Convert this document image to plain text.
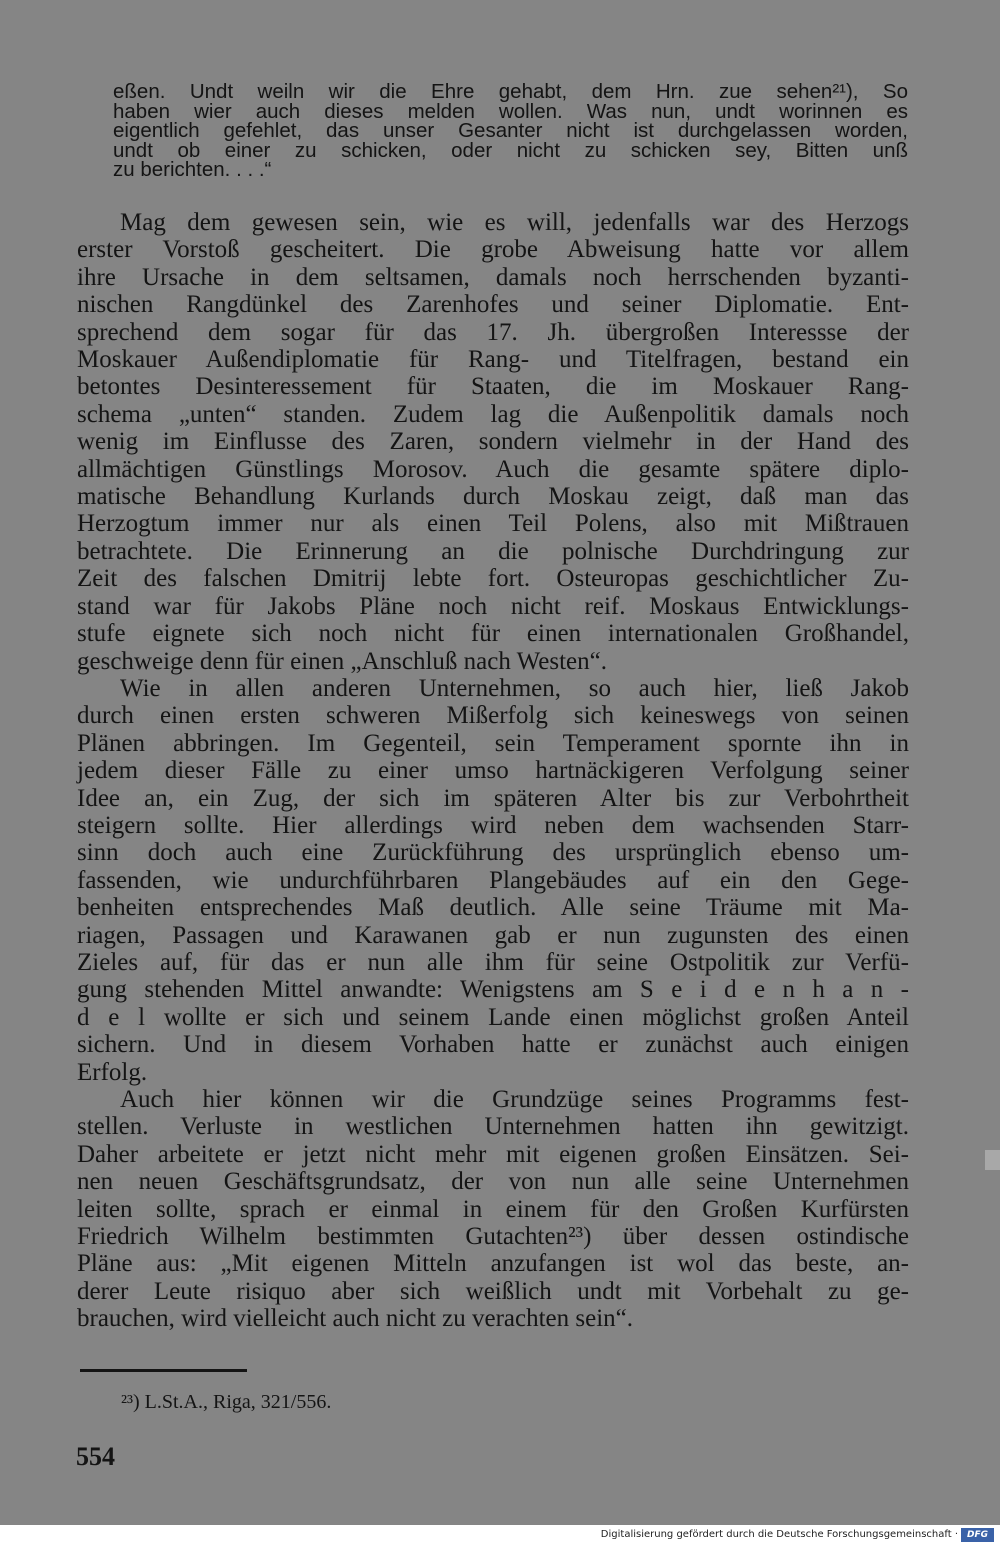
eßen. Undt weiln wir die Ehre gehabt, dem Hrn. zue sehen²¹), So
haben wier auch dieses melden wollen. Was nun, undt worinnen es
eigentlich gefehlet, das unser Gesanter nicht ist durchgelassen worden,
undt ob einer zu schicken, oder nicht zu schicken sey, Bitten unß
zu berichten. . . .“

Mag dem gewesen sein, wie es will, jedenfalls war des Herzogs
erster Vorstoß gescheitert. Die grobe Abweisung hatte vor allem
ihre Ursache in dem seltsamen, damals noch herrschenden byzanti-
nischen Rangdünkel des Zarenhofes und seiner Diplomatie. Ent-
sprechend dem sogar für das 17. Jh. übergroßen Interessse der
Moskauer Außendiplomatie für Rang- und Titelfragen, bestand ein
betontes Desinteressement für Staaten, die im Moskauer Rang-
schema „unten“ standen. Zudem lag die Außenpolitik damals noch
wenig im Einflusse des Zaren, sondern vielmehr in der Hand des
allmächtigen Günstlings Morosov. Auch die gesamte spätere diplo-
matische Behandlung Kurlands durch Moskau zeigt, daß man das
Herzogtum immer nur als einen Teil Polens, also mit Mißtrauen
betrachtete. Die Erinnerung an die polnische Durchdringung zur
Zeit des falschen Dmitrij lebte fort. Osteuropas geschichtlicher Zu-
stand war für Jakobs Pläne noch nicht reif. Moskaus Entwicklungs-
stufe eignete sich noch nicht für einen internationalen Großhandel,
geschweige denn für einen „Anschluß nach Westen“.

Wie in allen anderen Unternehmen, so auch hier, ließ Jakob
durch einen ersten schweren Mißerfolg sich keineswegs von seinen
Plänen abbringen. Im Gegenteil, sein Temperament spornte ihn in
jedem dieser Fälle zu einer umso hartnäckigeren Verfolgung seiner
Idee an, ein Zug, der sich im späteren Alter bis zur Verbohrtheit
steigern sollte. Hier allerdings wird neben dem wachsenden Starr-
sinn doch auch eine Zurückführung des ursprünglich ebenso um-
fassenden, wie undurchführbaren Plangebäudes auf ein den Gege-
benheiten entsprechendes Maß deutlich. Alle seine Träume mit Ma-
riagen, Passagen und Karawanen gab er nun zugunsten des einen
Zieles auf, für das er nun alle ihm für seine Ostpolitik zur Verfü-
gung stehenden Mittel anwandte: Wenigstens am S e i d e n h a n -
d e l wollte er sich und seinem Lande einen möglichst großen Anteil
sichern. Und in diesem Vorhaben hatte er zunächst auch einigen
Erfolg.

Auch hier können wir die Grundzüge seines Programms fest-
stellen. Verluste in westlichen Unternehmen hatten ihn gewitzigt.
Daher arbeitete er jetzt nicht mehr mit eigenen großen Einsätzen. Sei-
nen neuen Geschäftsgrundsatz, der von nun alle seine Unternehmen
leiten sollte, sprach er einmal in einem für den Großen Kurfürsten
Friedrich Wilhelm bestimmten Gutachten²³) über dessen ostindische
Pläne aus: „Mit eigenen Mitteln anzufangen ist wol das beste, an-
derer Leute risiquo aber sich weißlich undt mit Vorbehalt zu ge-
brauchen, wird vielleicht auch nicht zu verachten sein“.

²³) L.St.A., Riga, 321/556.
554
Digitalisierung gefördert durch die Deutsche Forschungsgemeinschaft · DFG
